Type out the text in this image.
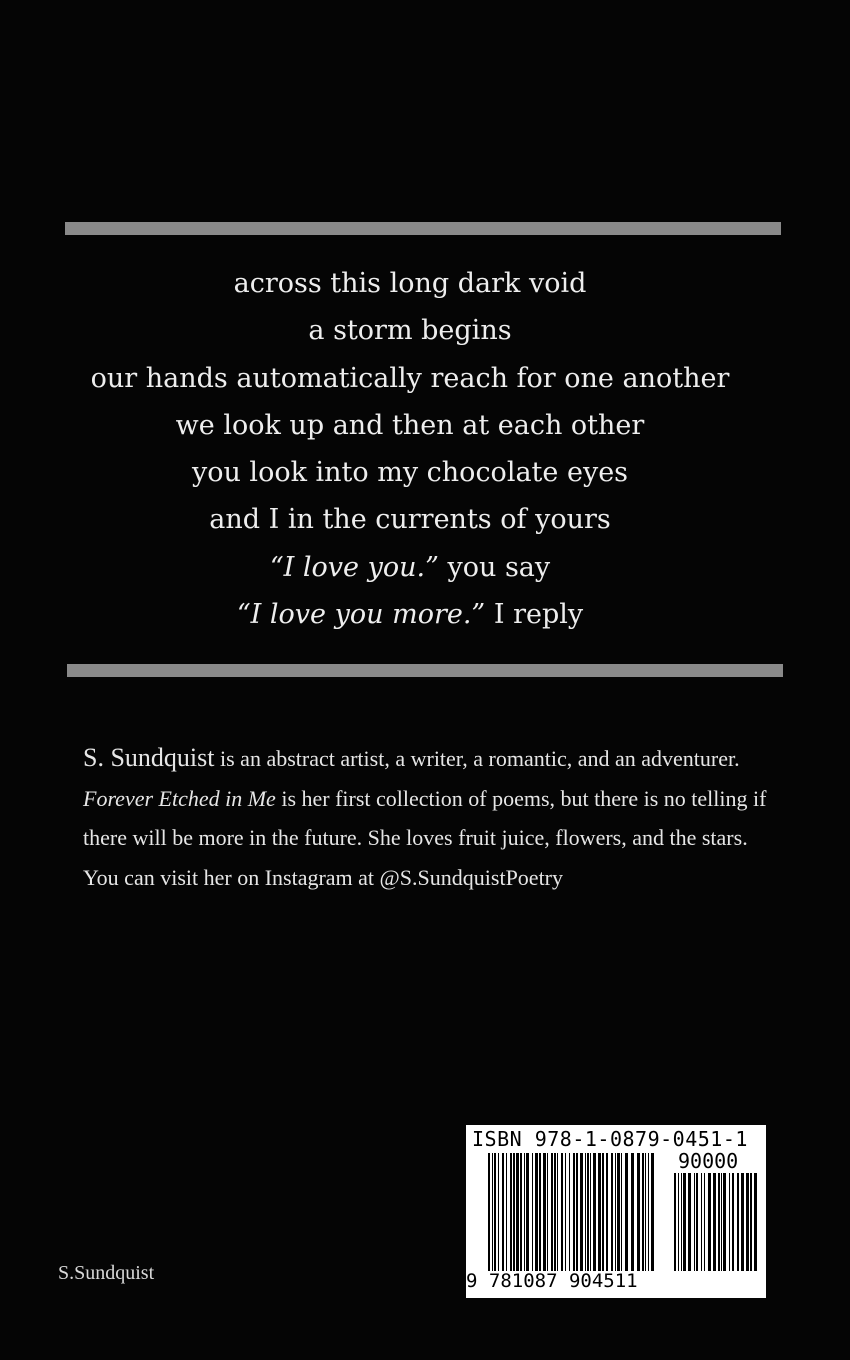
across this long dark void
a storm begins
our hands automatically reach for one another
we look up and then at each other
you look into my chocolate eyes
and I in the currents of yours
“I love you.” you say
“I love you more.” I reply
S. Sundquist is an abstract artist, a writer, a romantic, and an adventurer. Forever Etched in Me is her first collection of poems, but there is no telling if there will be more in the future. She loves fruit juice, flowers, and the stars. You can visit her on Instagram at @S.SundquistPoetry
S.Sundquist
ISBN 978-1-0879-0451-1
90000
9 781087 904511
